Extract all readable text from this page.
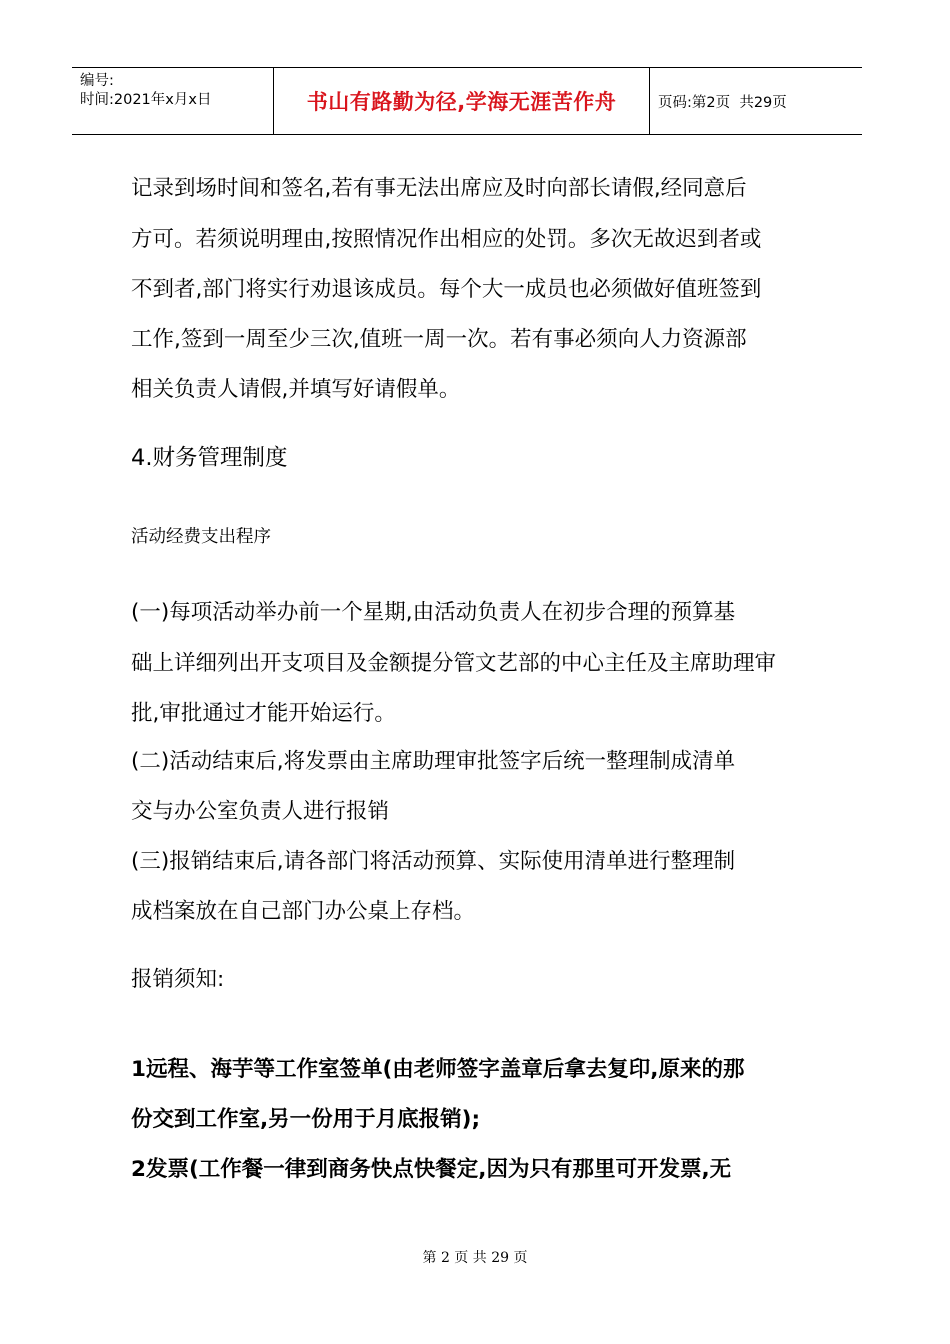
编号:
时间:2021年x月x日	书山有路勤为径,学海无涯苦作舟	页码:第2页  共29页
记录到场时间和签名,若有事无法出席应及时向部长请假,经同意后
方可。若须说明理由,按照情况作出相应的处罚。多次无故迟到者或
不到者,部门将实行劝退该成员。每个大一成员也必须做好值班签到
工作,签到一周至少三次,值班一周一次。若有事必须向人力资源部
相关负责人请假,并填写好请假单。
4.财务管理制度
活动经费支出程序
(一)每项活动举办前一个星期,由活动负责人在初步合理的预算基
础上详细列出开支项目及金额提分管文艺部的中心主任及主席助理审
批,审批通过才能开始运行。
(二)活动结束后,将发票由主席助理审批签字后统一整理制成清单
交与办公室负责人进行报销
(三)报销结束后,请各部门将活动预算、实际使用清单进行整理制
成档案放在自己部门办公桌上存档。
报销须知:
1远程、海芋等工作室签单(由老师签字盖章后拿去复印,原来的那
份交到工作室,另一份用于月底报销);
2发票(工作餐一律到商务快点快餐定,因为只有那里可开发票,无
第 2 页 共 29 页
